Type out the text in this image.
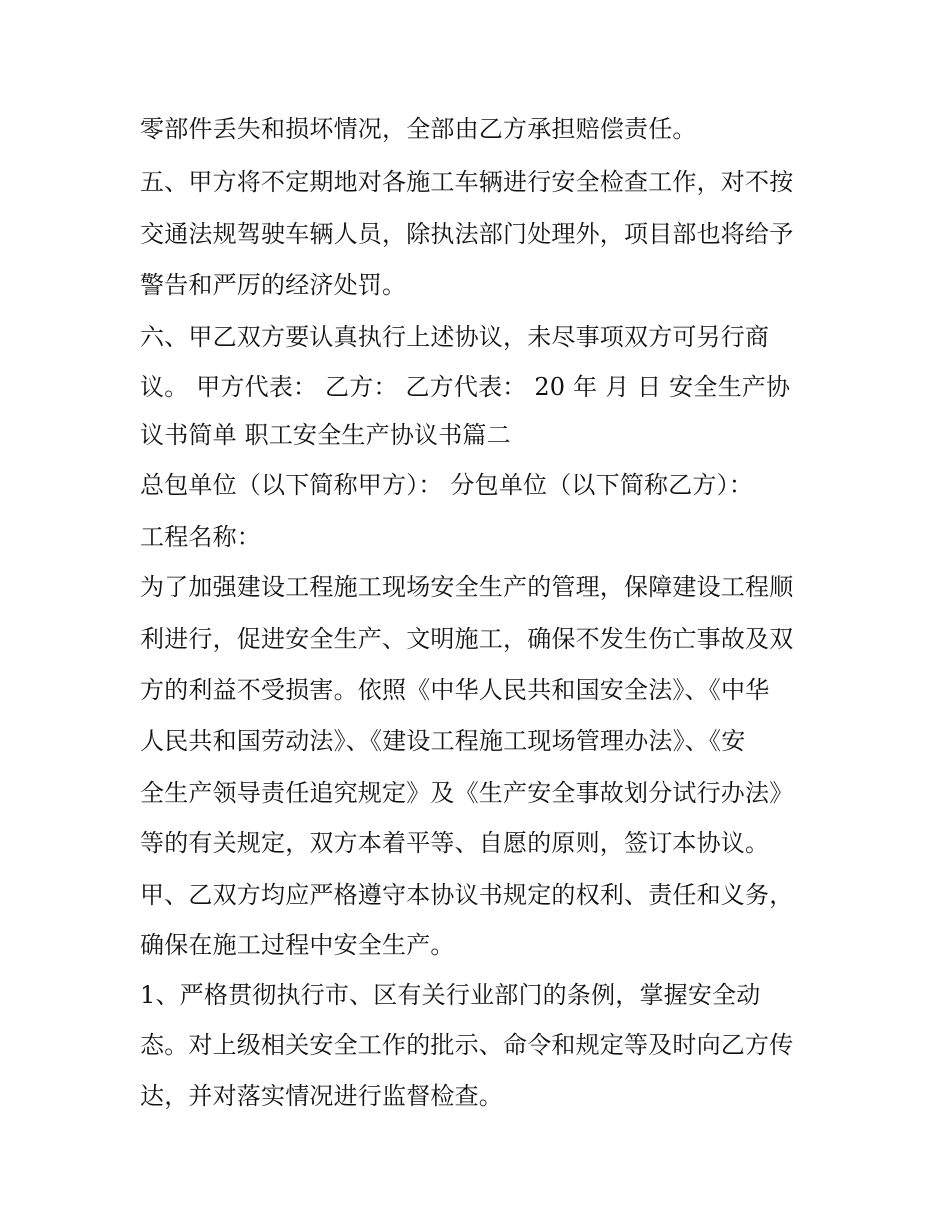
零部件丢失和损坏情况，全部由乙方承担赔偿责任。
五、甲方将不定期地对各施工车辆进行安全检查工作，对不按
交通法规驾驶车辆人员，除执法部门处理外，项目部也将给予
警告和严厉的经济处罚。
六、甲乙双方要认真执行上述协议，未尽事项双方可另行商
议。 甲方代表： 乙方： 乙方代表： 20 年 月 日 安全生产协
议书简单 职工安全生产协议书篇二
总包单位（以下简称甲方）： 分包单位（以下简称乙方）：
工程名称：
为了加强建设工程施工现场安全生产的管理，保障建设工程顺
利进行，促进安全生产、文明施工，确保不发生伤亡事故及双
方的利益不受损害。依照《中华人民共和国安全法》、《中华
人民共和国劳动法》、《建设工程施工现场管理办法》、《安
全生产领导责任追究规定》及《生产安全事故划分试行办法》
等的有关规定，双方本着平等、自愿的原则，签订本协议。
甲、乙双方均应严格遵守本协议书规定的权利、责任和义务，
确保在施工过程中安全生产。
1、严格贯彻执行市、区有关行业部门的条例，掌握安全动
态。对上级相关安全工作的批示、命令和规定等及时向乙方传
达，并对落实情况进行监督检查。
